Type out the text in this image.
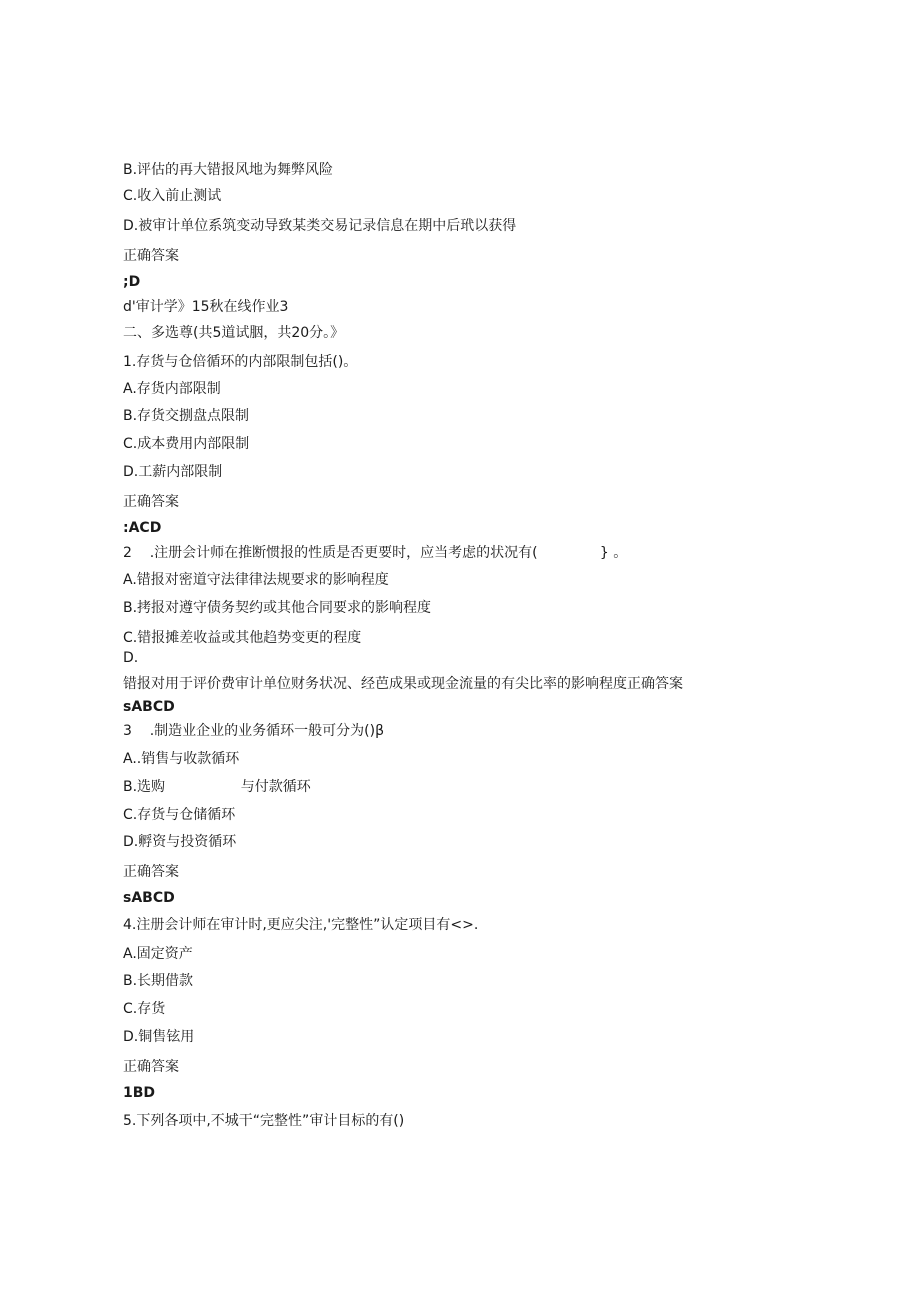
B.评估的再大错报风地为舞弊风险

C.收入前止测试

D.被审计单位系筑变动导致某类交易记录信息在期中后玳以获得

正确答案

;D

d'审计学》15秋在线作业3

二、多选尊(共5道试胭，共20分。》

1.存货与仓倍循环的内部限制包括()。

A.存货内部限制

B.存货交捌盘点限制

C.成本费用内部限制

D.工薪内部限制

正确答案

:ACD

2    .注册会计师在推断惯报的性质是否更要时，应当考虑的状况有(              } 。

A.错报对密道守法律律法规要求的影响程度

B.拷报对遵守债务契约或其他合同要求的影响程度

C.错报摊差收益或其他趋势变更的程度

D.

错报对用于评价费审计单位财务状况、经芭成果或现金流量的有尖比率的影响程度正确答案

sABCD

3    .制造业企业的业务循环一般可分为()β

A..销售与收款循环

B.选购                 与付款循环

C.存货与仓储循环

D.孵资与投资循环

正确答案

sABCD

4.注册会计师在审计时,更应尖注,'完整性”认定项目有<>.

A.固定资产

B.长期借款

C.存货

D.铜售铉用

正确答案

1BD

5.下列各项中,不城干“完整性”审计目标的有()
